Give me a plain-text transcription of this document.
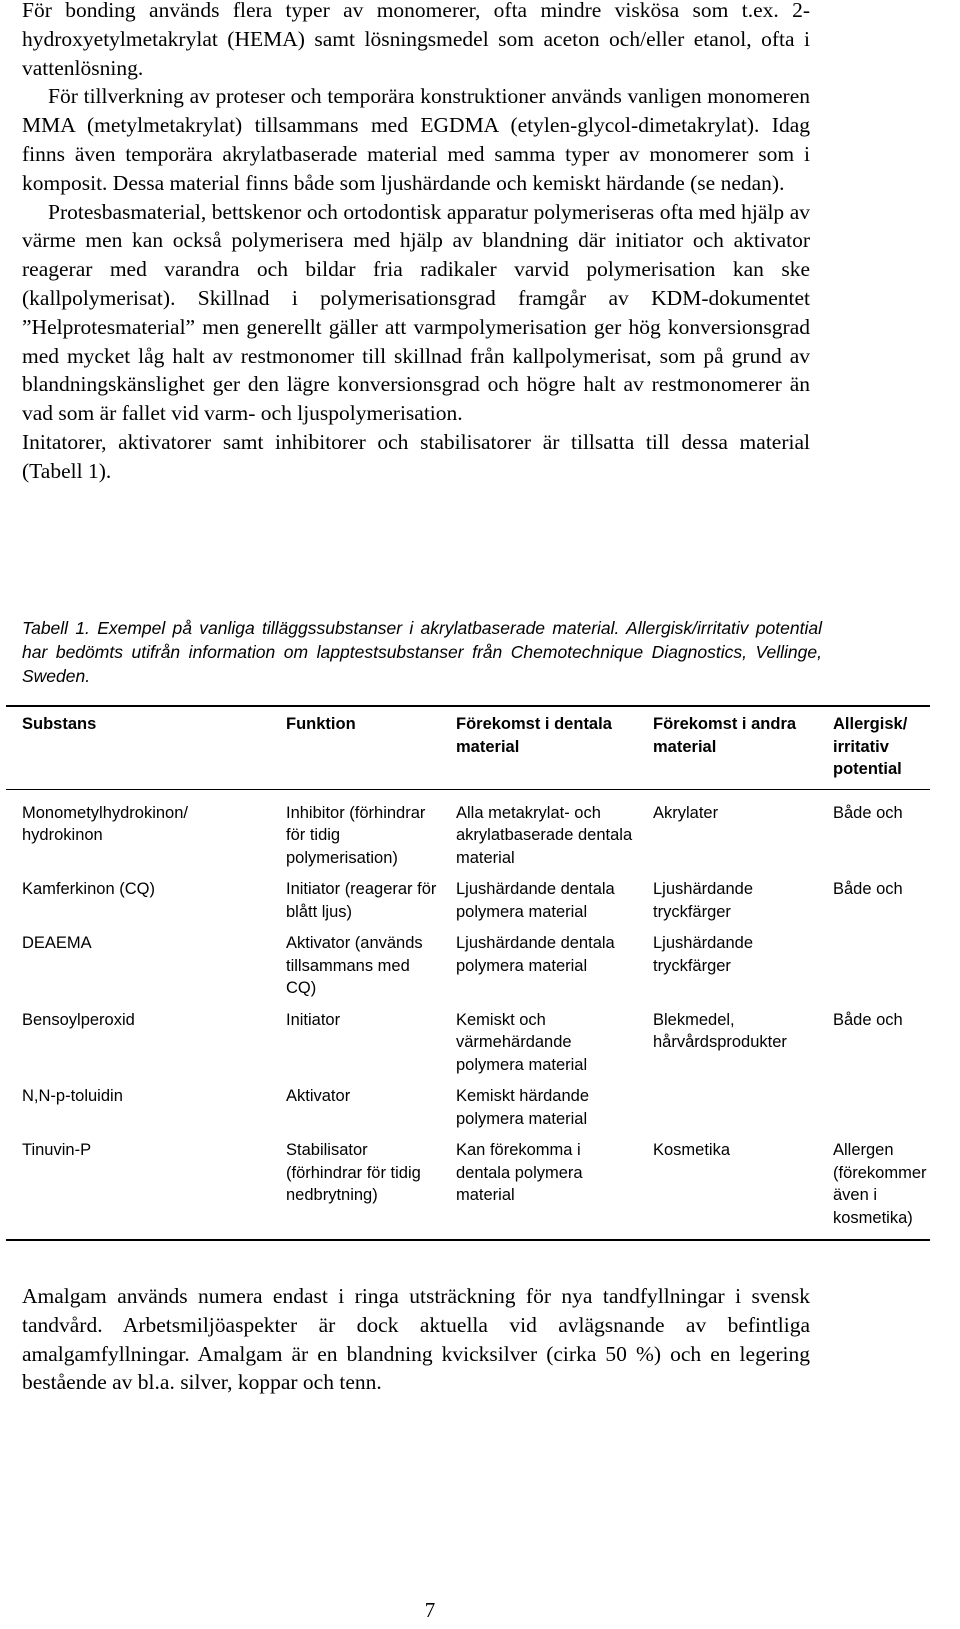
För bonding används flera typer av monomerer, ofta mindre viskösa som t.ex. 2-hydroxyetylmetakrylat (HEMA) samt lösningsmedel som aceton och/eller etanol, ofta i vattenlösning.

För tillverkning av proteser och temporära konstruktioner används vanligen monomeren MMA (metylmetakrylat) tillsammans med EGDMA (etylen-glycol-dimetakrylat). Idag finns även temporära akrylatbaserade material med samma typer av monomerer som i komposit. Dessa material finns både som ljushärdande och kemiskt härdande (se nedan).

Protesbasmaterial, bettskenor och ortodontisk apparatur polymeriseras ofta med hjälp av värme men kan också polymerisera med hjälp av blandning där initiator och aktivator reagerar med varandra och bildar fria radikaler varvid polymerisation kan ske (kallpolymerisat). Skillnad i polymerisationsgrad framgår av KDM-dokumentet ”Helprotesmaterial” men generellt gäller att varmpolymerisation ger hög konversionsgrad med mycket låg halt av restmonomer till skillnad från kallpolymerisat, som på grund av blandningskänslighet ger den lägre konversionsgrad och högre halt av restmonomerer än vad som är fallet vid varm- och ljuspolymerisation.

Initatorer, aktivatorer samt inhibitorer och stabilisatorer är tillsatta till dessa material (Tabell 1).

Tabell 1. Exempel på vanliga tilläggssubstanser i akrylatbaserade material. Allergisk/irritativ potential har bedömts utifrån information om lapptestsubstanser från Chemotechnique Diagnostics, Vellinge, Sweden.
Substans	Funktion	Förekomst i dentala material	Förekomst i andra material	Allergisk/ irritativ potential

Monometylhydrokinon/
hydrokinon	Inhibitor (förhindrar för tidig polymerisation)	Alla metakrylat- och akrylatbaserade dentala material	Akrylater	Både och
Kamferkinon (CQ)	Initiator (reagerar för blått ljus)	Ljushärdande dentala polymera material	Ljushärdande tryckfärger	Både och
DEAEMA	Aktivator (används tillsammans med CQ)	Ljushärdande dentala polymera material	Ljushärdande tryckfärger	
Bensoylperoxid	Initiator	Kemiskt och värmehärdande polymera material	Blekmedel, hårvårdsprodukter	Både och
N,N-p-toluidin	Aktivator	Kemiskt härdande polymera material		
Tinuvin-P	Stabilisator (förhindrar för tidig nedbrytning)	Kan förekomma i dentala polymera material	Kosmetika	Allergen (förekommer även i kosmetika)

Amalgam används numera endast i ringa utsträckning för nya tandfyllningar i svensk tandvård. Arbetsmiljöaspekter är dock aktuella vid avlägsnande av befintliga amalgamfyllningar. Amalgam är en blandning kvicksilver (cirka 50 %) och en legering bestående av bl.a. silver, koppar och tenn.

7
